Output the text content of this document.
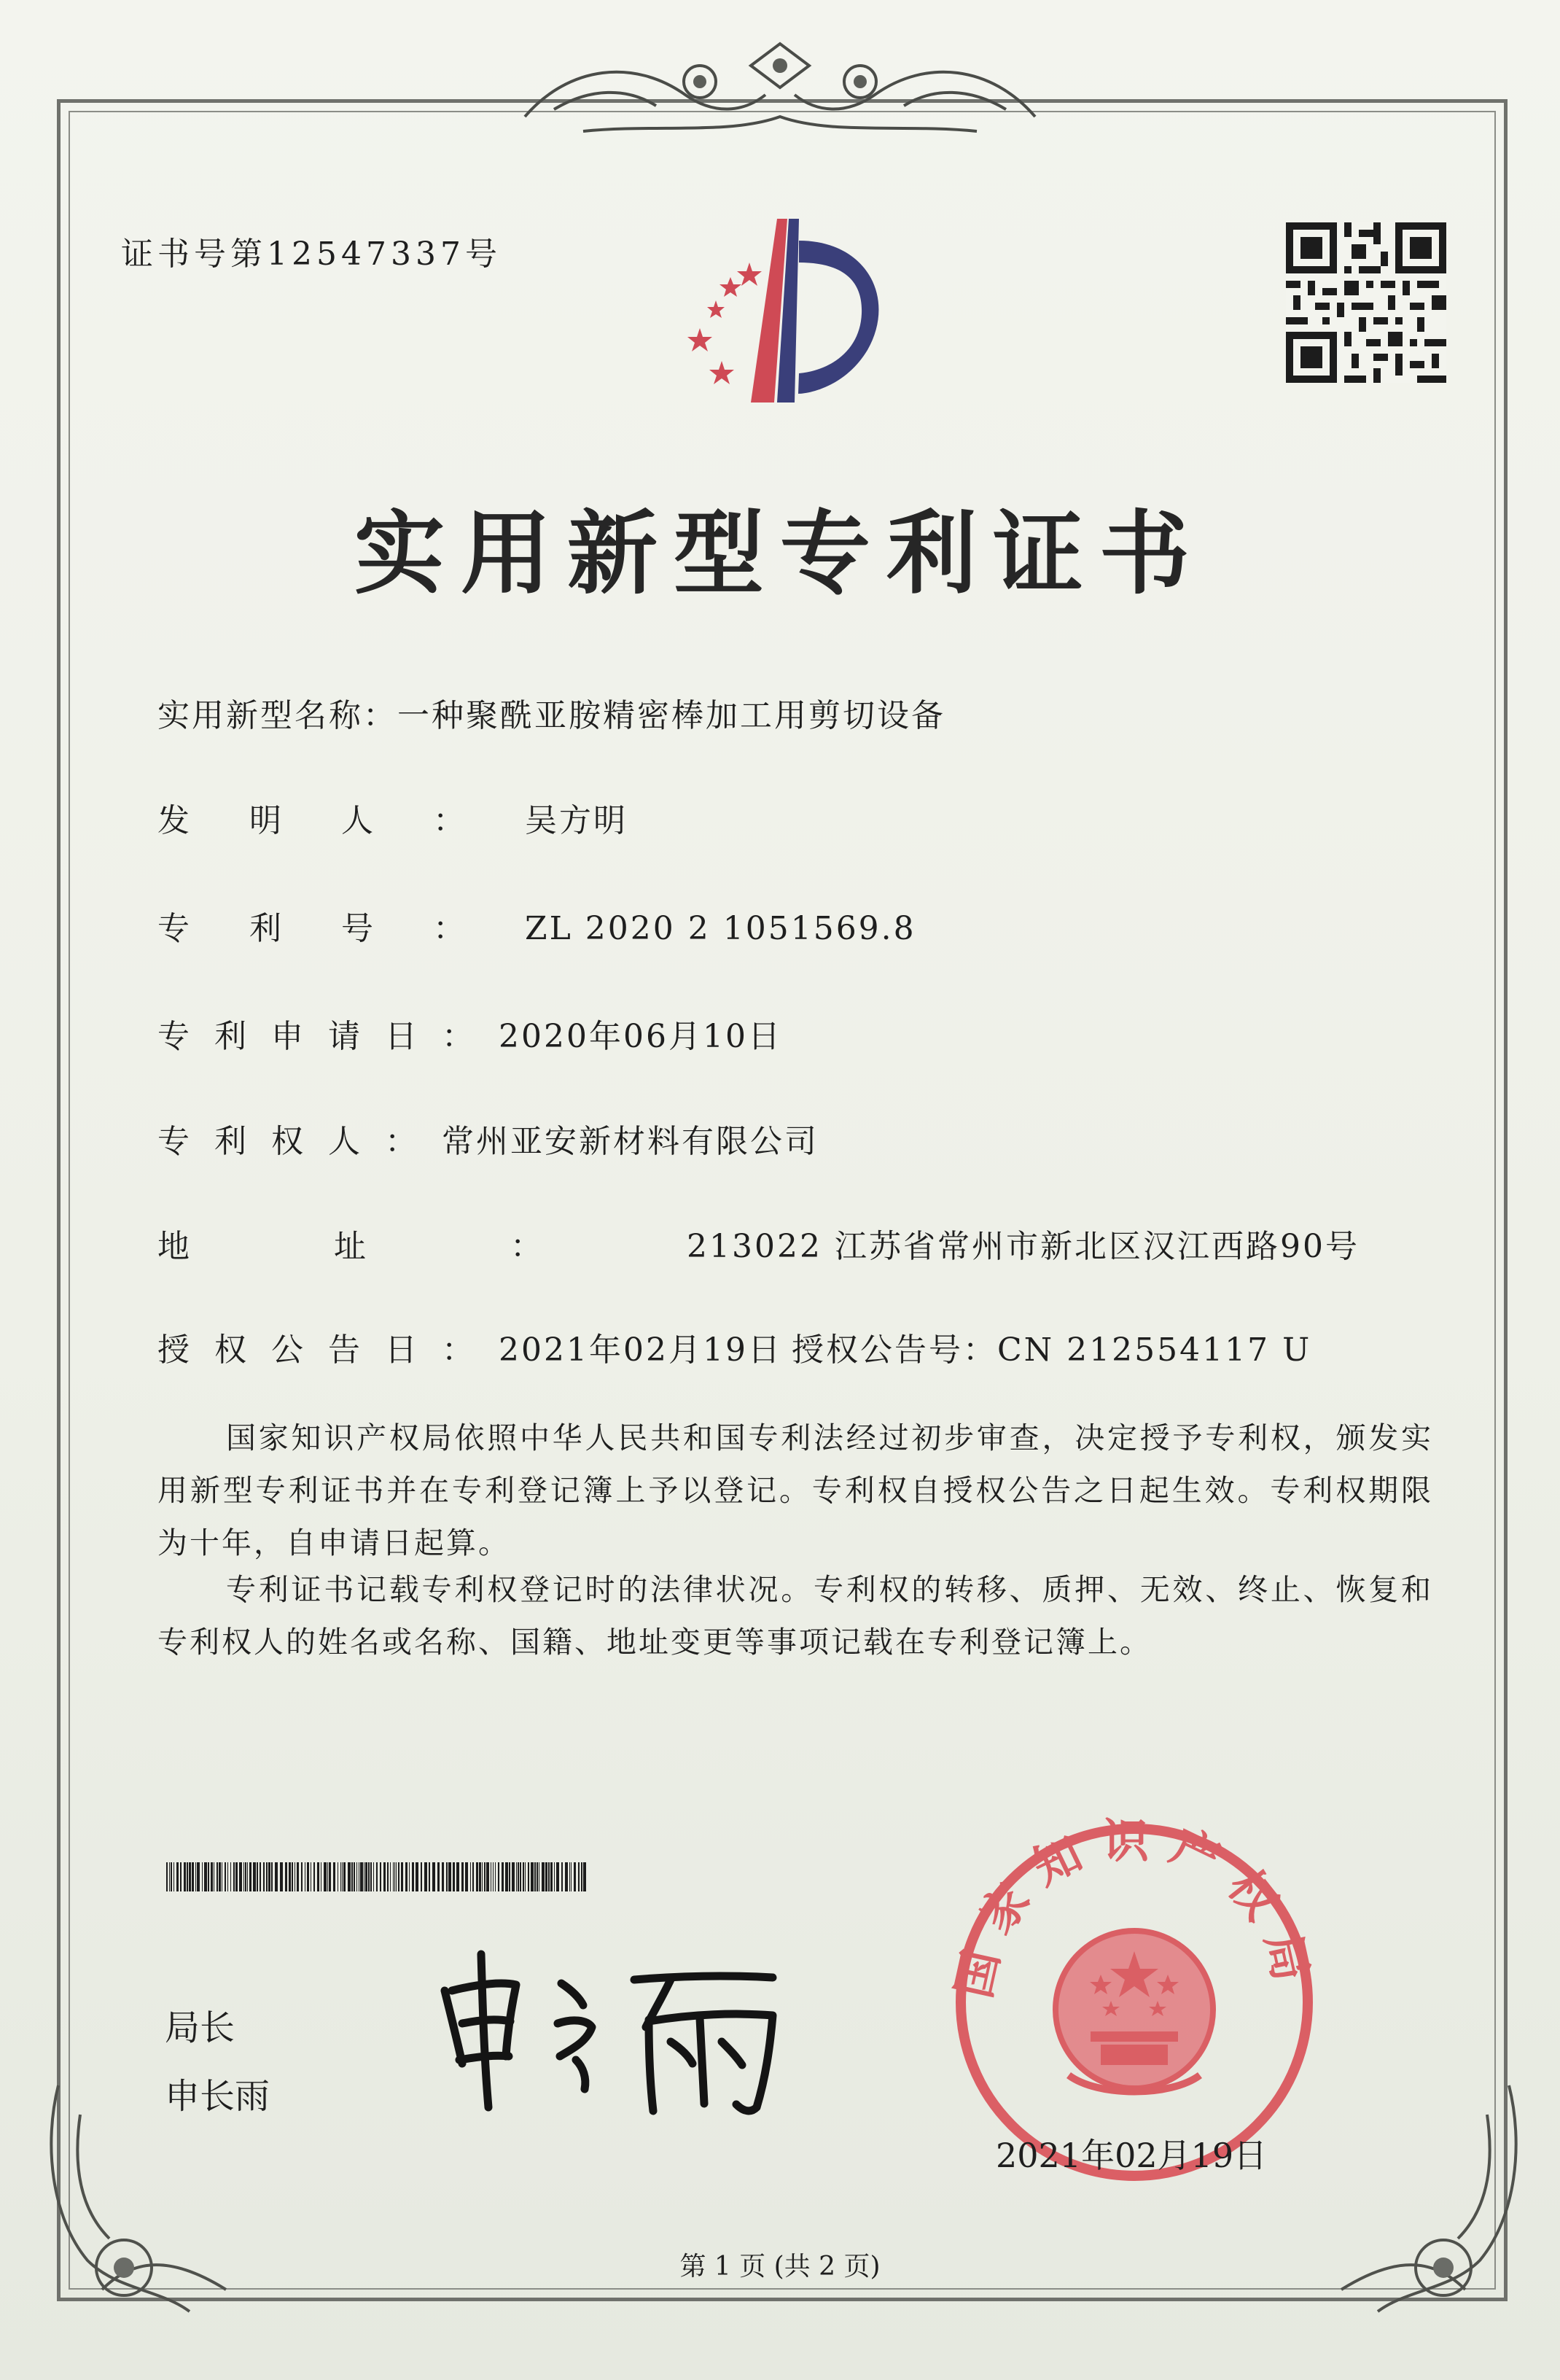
证书号第12547337号
实用新型专利证书
实用新型名称：一种聚酰亚胺精密棒加工用剪切设备
发明人：吴方明
专利号：ZL 2020 2 1051569.8
专利申请日：2020年06月10日
专利权人：常州亚安新材料有限公司
地址：213022 江苏省常州市新北区汉江西路90号
授权公告日：2021年02月19日 授权公告号：CN 212554117 U
国家知识产权局依照中华人民共和国专利法经过初步审查，决定授予专利权，颁发实用新型专利证书并在专利登记簿上予以登记。专利权自授权公告之日起生效。专利权期限为十年，自申请日起算。
专利证书记载专利权登记时的法律状况。专利权的转移、质押、无效、终止、恢复和专利权人的姓名或名称、国籍、地址变更等事项记载在专利登记簿上。
局长
申长雨
国家知识产权局
2021年02月19日
第 1 页 (共 2 页)
